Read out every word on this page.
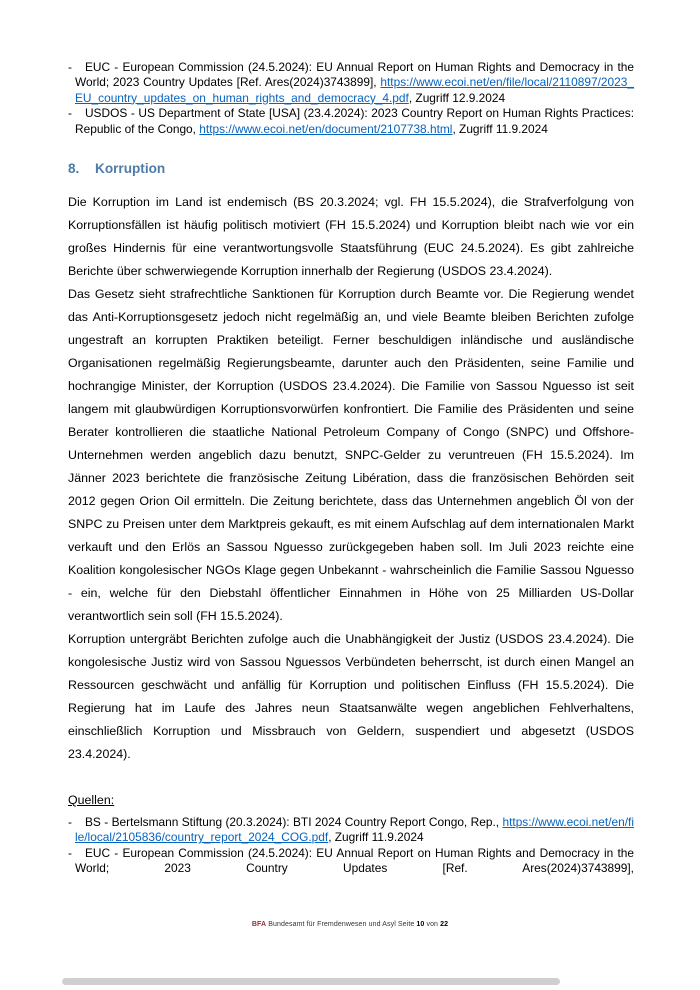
- EUC - European Commission (24.5.2024): EU Annual Report on Human Rights and Democracy in the World; 2023 Country Updates [Ref. Ares(2024)3743899], https://www.ecoi.net/en/file/local/2110897/2023_EU_country_updates_on_human_rights_and_democracy_4.pdf, Zugriff 12.9.2024
- USDOS - US Department of State [USA] (23.4.2024): 2023 Country Report on Human Rights Practices: Republic of the Congo, https://www.ecoi.net/en/document/2107738.html, Zugriff 11.9.2024
8. Korruption

Die Korruption im Land ist endemisch (BS 20.3.2024; vgl. FH 15.5.2024), die Strafverfolgung von Korruptionsfällen ist häufig politisch motiviert (FH 15.5.2024) und Korruption bleibt nach wie vor ein großes Hindernis für eine verantwortungsvolle Staatsführung (EUC 24.5.2024). Es gibt zahlreiche Berichte über schwerwiegende Korruption innerhalb der Regierung (USDOS 23.4.2024).

Das Gesetz sieht strafrechtliche Sanktionen für Korruption durch Beamte vor. Die Regierung wendet das Anti-Korruptionsgesetz jedoch nicht regelmäßig an, und viele Beamte bleiben Berichten zufolge ungestraft an korrupten Praktiken beteiligt. Ferner beschuldigen inländische und ausländische Organisationen regelmäßig Regierungsbeamte, darunter auch den Präsidenten, seine Familie und hochrangige Minister, der Korruption (USDOS 23.4.2024). Die Familie von Sassou Nguesso ist seit langem mit glaubwürdigen Korruptionsvorwürfen konfrontiert. Die Familie des Präsidenten und seine Berater kontrollieren die staatliche National Petroleum Company of Congo (SNPC) und Offshore-Unternehmen werden angeblich dazu benutzt, SNPC-Gelder zu veruntreuen (FH 15.5.2024). Im Jänner 2023 berichtete die französische Zeitung Libération, dass die französischen Behörden seit 2012 gegen Orion Oil ermitteln. Die Zeitung berichtete, dass das Unternehmen angeblich Öl von der SNPC zu Preisen unter dem Marktpreis gekauft, es mit einem Aufschlag auf dem internationalen Markt verkauft und den Erlös an Sassou Nguesso zurückgegeben haben soll. Im Juli 2023 reichte eine Koalition kongolesischer NGOs Klage gegen Unbekannt - wahrscheinlich die Familie Sassou Nguesso - ein, welche für den Diebstahl öffentlicher Einnahmen in Höhe von 25 Milliarden US-Dollar verantwortlich sein soll (FH 15.5.2024).

Korruption untergräbt Berichten zufolge auch die Unabhängigkeit der Justiz (USDOS 23.4.2024). Die kongolesische Justiz wird von Sassou Nguessos Verbündeten beherrscht, ist durch einen Mangel an Ressourcen geschwächt und anfällig für Korruption und politischen Einfluss (FH 15.5.2024). Die Regierung hat im Laufe des Jahres neun Staatsanwälte wegen angeblichen Fehlverhaltens, einschließlich Korruption und Missbrauch von Geldern, suspendiert und abgesetzt (USDOS 23.4.2024).

Quellen:

- BS - Bertelsmann Stiftung (20.3.2024): BTI 2024 Country Report Congo, Rep., https://www.ecoi.net/en/file/local/2105836/country_report_2024_COG.pdf, Zugriff 11.9.2024
- EUC - European Commission (24.5.2024): EU Annual Report on Human Rights and Democracy in the World; 2023 Country Updates [Ref. Ares(2024)3743899],
BFA Bundesamt für Fremdenwesen und Asyl Seite 10 von 22
